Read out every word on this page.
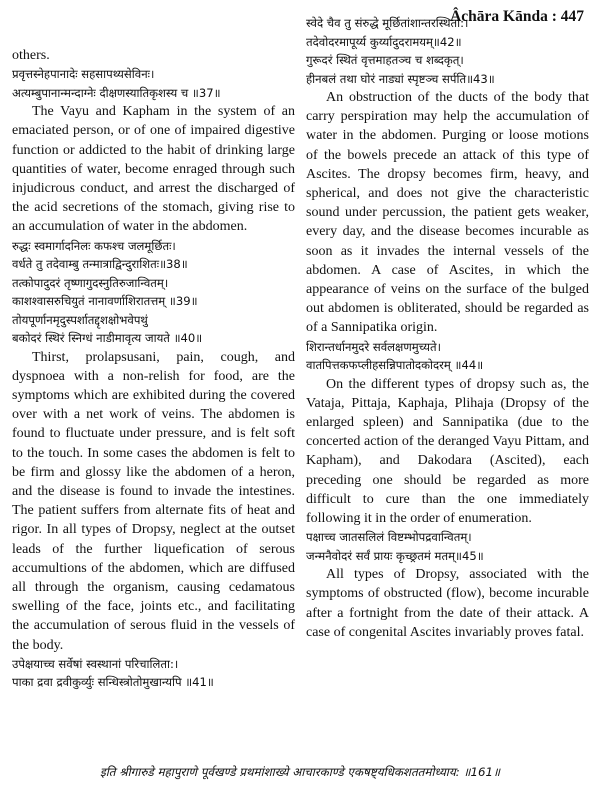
Âchāra Kānda : 447

others.

प्रवृत्तस्नेहपानादेः सहसापथ्यसेविनः।
अत्यम्बुपानान्मन्दाग्नेः दीक्षणस्यातिकृशस्य च ॥37॥

The Vayu and Kapham in the system of an emaciated person, or of one of impaired digestive function or addicted to the habit of drinking large quantities of water, become enraged through such injudicrous conduct, and arrest the discharged of the acid secretions of the stomach, giving rise to an accumulation of water in the abdomen.

रुद्धः स्वमार्गादनिलः कफश्च जलमूर्छितः।
वर्धते तु तदेवाम्बु तन्मात्राद्विन्दुराशितः॥38॥
तत्कोपादुदरं तृष्णागुदस्नुतिरुजान्वितम्।
काशश्वासरुचियुतं नानावर्णाशिरातत्तम् ॥39॥
तोयपूर्णानमृदुस्पर्शातद्दृशक्षोभवेपथुं
बकोदरं स्थिरं स्निग्धं नाडीमावृत्य जायते ॥40॥

Thirst, prolapsusani, pain, cough, and dyspnoea with a non-relish for food, are the symptoms which are exhibited during the covered over with a net work of veins. The abdomen is found to fluctuate under pressure, and is felt soft to the touch. In some cases the abdomen is felt to be firm and glossy like the abdomen of a heron, and the disease is found to invade the intestines. The patient suffers from alternate fits of heat and rigor. In all types of Dropsy, neglect at the outset leads of the further liquefication of serous accumultions of the abdomen, which are diffused all through the organism, causing cedamatous swelling of the face, joints etc., and facilitating the accumulation of serous fluid in the vessels of the body.

उपेक्षयाच्च सर्वेषां स्वस्थानां परिचालिता:।
पाका द्रवा द्रवीकुर्व्युः सन्धिस्त्रोतोमुखान्यपि ॥41॥
स्वेदे चैव तु संरुद्धे मूर्छितांशान्तरस्थिता:।
तदेवोदरमापूर्य्य कुर्य्यादुदरामयम्॥42॥
गुरूदरं स्थितं वृत्तमाहतञ्च च शब्दकृत्।
हीनबलं तथा घोरं नाड्यां स्पृष्टञ्च सर्पति॥43॥

An obstruction of the ducts of the body that carry perspiration may help the accumulation of water in the abdomen. Purging or loose motions of the bowels precede an attack of this type of Ascites. The dropsy becomes firm, heavy, and spherical, and does not give the characteristic sound under percussion, the patient gets weaker, every day, and the disease becomes incurable as soon as it invades the internal vessels of the abdomen. A case of Ascites, in which the appearance of veins on the surface of the bulged out abdomen is obliterated, should be regarded as of a Sannipatika origin.

शिरान्तर्धानमुदरे सर्वलक्षणमुच्यते।
वातपित्तकफप्लीहसन्निपातोदकोदरम् ॥44॥

On the different types of dropsy such as, the Vataja, Pittaja, Kaphaja, Plihaja (Dropsy of the enlarged spleen) and Sannipatika (due to the concerted action of the deranged Vayu Pittam, and Kapham), and Dakodara (Ascited), each preceding one should be regarded as more difficult to cure than the one immediately following it in the order of enumeration.

पक्षाच्च जातसलिलं विष्टम्भोपद्रवान्वितम्।
जन्मनैवोदरं सर्वं प्रायः कृच्छ्रतमं मतम्॥45॥

All types of Dropsy, associated with the symptoms of obstructed (flow), become incurable after a fortnight from the date of their attack. A case of congenital Ascites invariably proves fatal.

इति श्रीगारुडे महापुराणे पूर्वखण्डे प्रथमांशाख्ये आचारकाण्डे एकषष्ट्यधिकशततमोध्याय: ॥161॥
